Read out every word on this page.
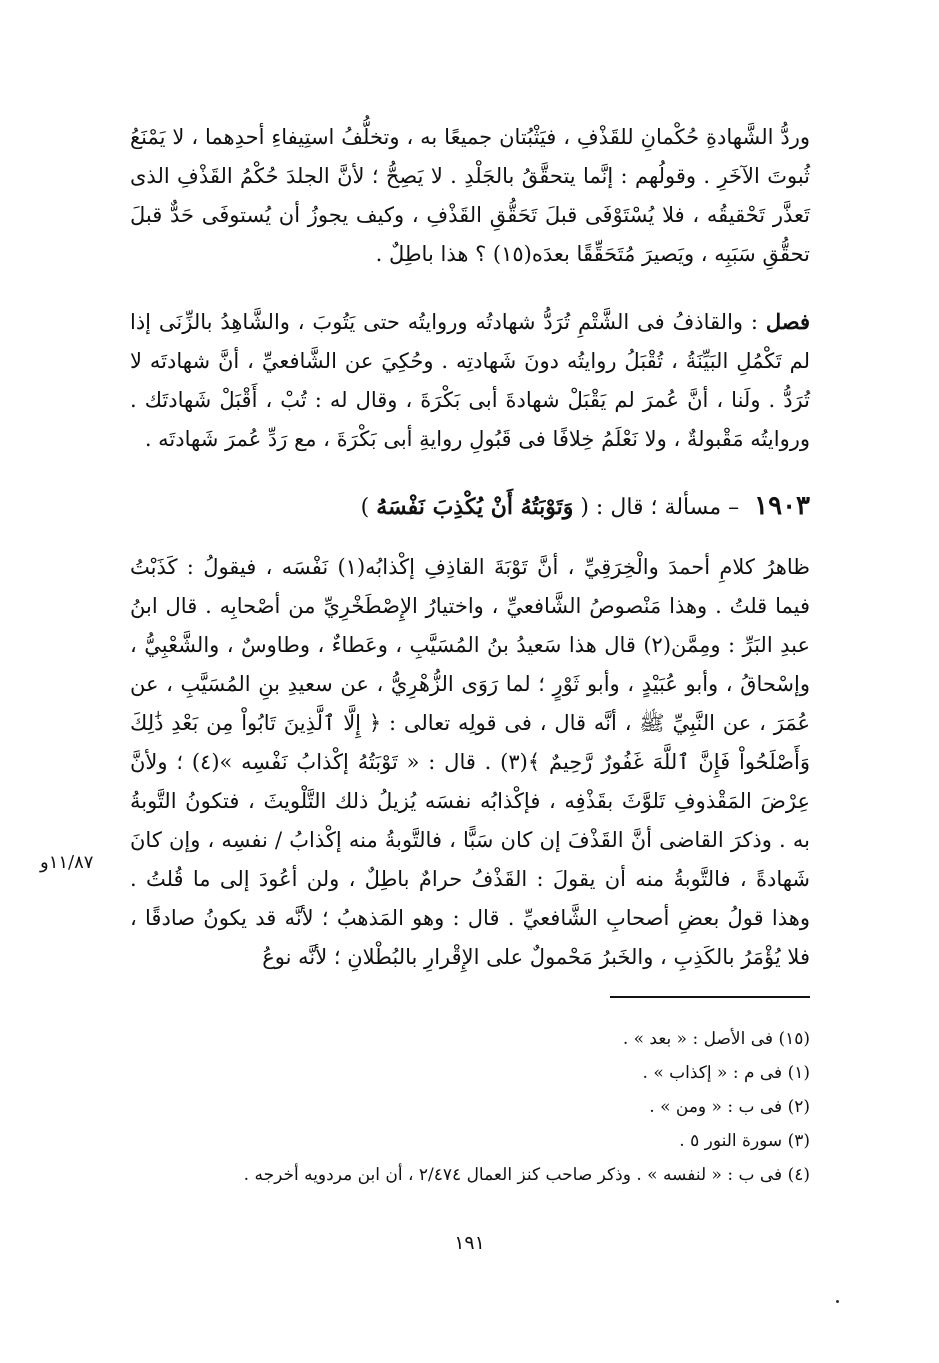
وردُّ الشَّهادةِ حُكْمانِ للقَذْفِ ، فيَثْبُتان جميعًا به ، وتخلُّفُ استِيفاءِ أحدِهما ، لا يَمْنَعُ ثُبوتَ الآخَرِ . وقولُهم : إنَّما يتحقَّقُ بالجَلْدِ . لا يَصِحُّ ؛ لأنَّ الجلدَ حُكْمُ القَذْفِ الذى تَعذَّر تَحْقيقُه ، فلا يُسْتَوْفَى قبلَ تَحَقُّقِ القَذْفِ ، وكيف يجوزُ أن يُستوفَى حَدٌّ قبلَ تحقُّقِ سَبَبِه ، ويَصيرَ مُتَحَقِّقًا بعدَه(١٥) ؟ هذا باطِلٌ .

فصل : والقاذفُ فى الشَّتْمِ تُرَدُّ شهادتُه وروايتُه حتى يَتُوبَ ، والشَّاهِدُ بالزِّنَى إذا لم تَكْمُلِ البَيِّنَةُ ، تُقْبَلُ روايتُه دونَ شَهادتِه . وحُكِيَ عن الشَّافعيِّ ، أنَّ شهادتَه لا تُرَدُّ . ولَنا ، أنَّ عُمرَ لم يَقْبَلْ شهادةَ أبى بَكْرَةَ ، وقال له : تُبْ ، أَقْبَلْ شَهادتَك . وروايتُه مَقْبولةٌ ، ولا نَعْلَمُ خِلافًا فى قَبُولِ روايةِ أبى بَكْرَةَ ، مع رَدِّ عُمرَ شَهادتَه .

١٩٠٣ – مسألة ؛ قال : ( وَتَوْبَتُهُ أَنْ يُكْذِبَ نَفْسَهُ )

ظاهرُ كلامِ أحمدَ والْخِرَقِيِّ ، أنَّ تَوْبَةَ القاذِفِ إكْذابُه(١) نَفْسَه ، فيقولُ : كَذَبْتُ فيما قلتُ . وهذا مَنْصوصُ الشَّافعيِّ ، واختيارُ الإِصْطَخْرِيِّ من أصْحابِه . قال ابنُ عبدِ البَرِّ : ومِمَّن(٢) قال هذا سَعيدُ بنُ المُسَيَّبِ ، وعَطاءٌ ، وطاوسٌ ، والشَّعْبِيُّ ، وإسْحاقُ ، وأبو عُبَيْدٍ ، وأبو ثَوْرٍ ؛ لما رَوَى الزُّهْرِيُّ ، عن سعيدِ بنِ المُسَيَّبِ ، عن عُمَرَ ، عن النَّبِيِّ ﷺ ، أنَّه قال ، فى قولِه تعالى : ﴿ إِلَّا ٱلَّذِينَ تَابُواْ مِن بَعْدِ ذَٰلِكَ وَأَصْلَحُواْ فَإِنَّ ٱللَّهَ غَفُورٌ رَّحِيمٌ ﴾(٣) . قال : « تَوْبَتُهُ إكْذابُ نَفْسِه »(٤) ؛ ولأنَّ عِرْضَ المَقْذوفِ تَلوَّثَ بقَذْفِه ، فإكْذابُه نفسَه يُزيلُ ذلك التَّلْويثَ ، فتكونُ التَّوبةُ به . وذكرَ القاضى أنَّ القَذْفَ إن كان سَبًّا ، فالتَّوبةُ منه إكْذابُ / نفسِه ، وإن كانَ شَهادةً ، فالتَّوبةُ منه أن يقولَ : القَذْفُ حرامٌ باطِلٌ ، ولن أعُودَ إلى ما قُلتُ . وهذا قولُ بعضِ أصحابِ الشَّافعيِّ . قال : وهو المَذهبُ ؛ لأنَّه قد يكونُ صادقًا ، فلا يُؤْمَرُ بالكَذِبِ ، والخَبرُ مَحْمولٌ على الإِقْرارِ بالبُطْلانِ ؛ لأنَّه نوعُ

١١/٨٧و
(١٥) فى الأصل : « بعد » .
(١) فى م : « إكذاب » .
(٢) فى ب : « ومن » .
(٣) سورة النور ٥ .
(٤) فى ب : « لنفسه » . وذكر صاحب كنز العمال ٢/٤٧٤ ، أن ابن مردويه أخرجه .
١٩١
